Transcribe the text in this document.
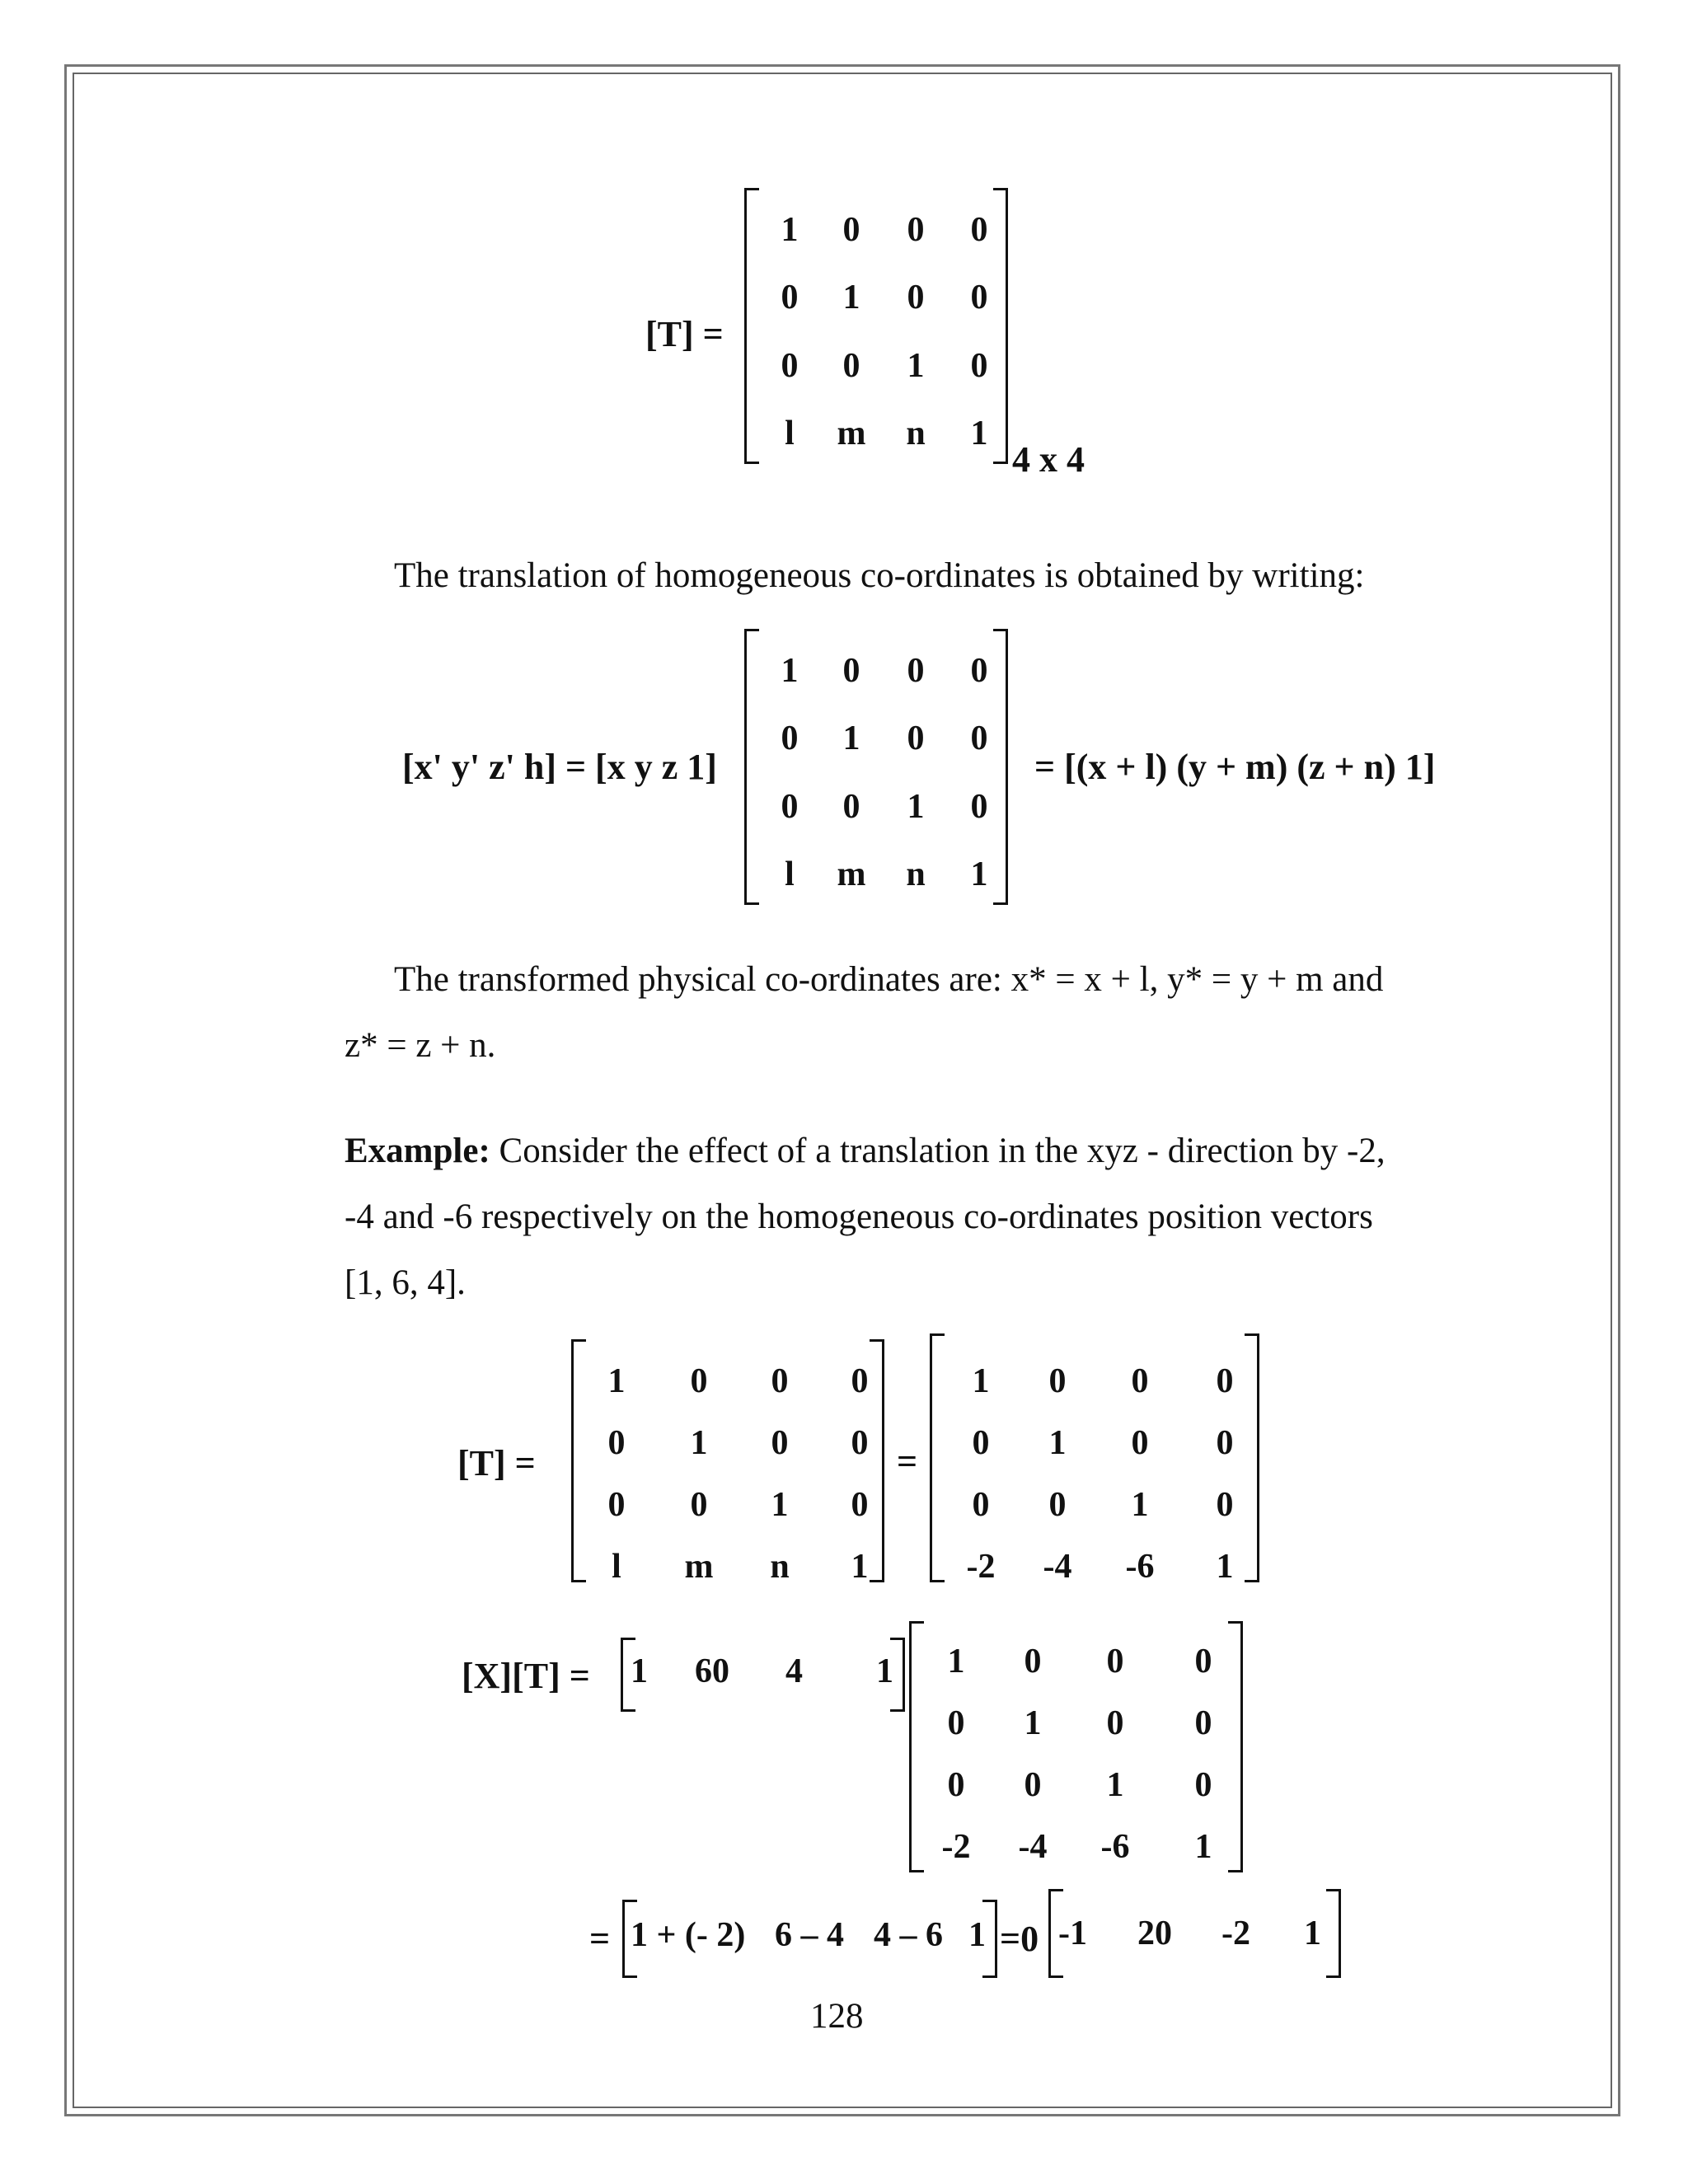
[T] =
1	0	0	0
0	1	0	0
0	0	1	0
l	m	n	1
4 x 4
The translation of homogeneous co-ordinates is obtained by writing:
[x' y' z' h] = [x y z 1]
1	0	0	0
0	1	0	0
0	0	1	0
l	m	n	1
= [(x + l) (y + m) (z + n) 1]
The transformed physical co-ordinates are: x* = x + l, y* = y + m and
z* = z + n.
Example: Consider the effect of a translation in the xyz - direction by -2,
-4 and -6 respectively on the homogeneous co-ordinates position vectors
[1, 6, 4].
[T] =
1	0	0	0
0	1	0	0
0	0	1	0
l	m	n	1
=
1	0	0	0
0	1	0	0
0	0	1	0
-2	-4	-6	1
[X][T] = 1 60 4 1	1	0	0	0
0	1	0	0
0	0	1	0
-2	-4	-6	1
= 1 + (- 2) 6 – 4 4 – 6 1 =0 -1 20 -2 1
128
